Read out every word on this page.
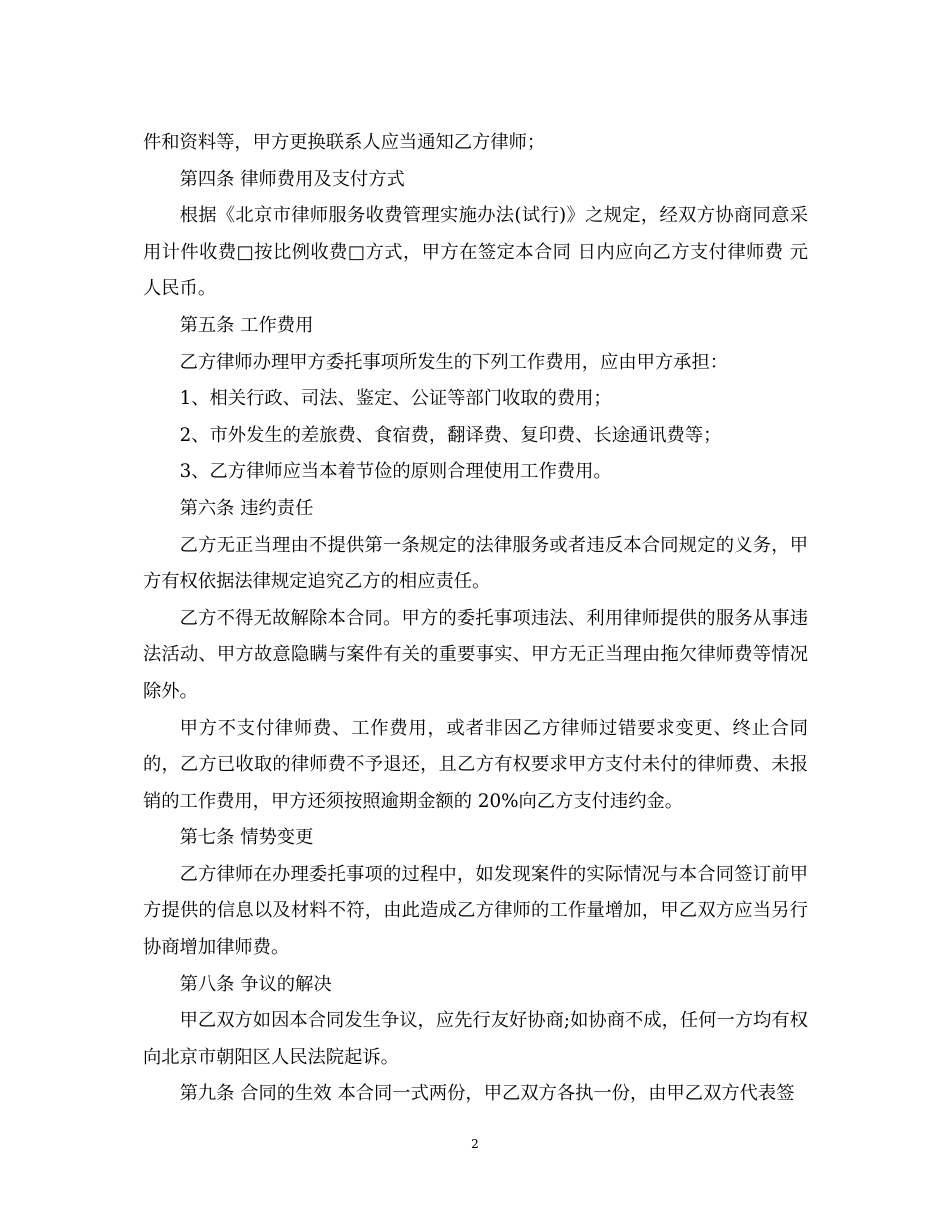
件和资料等，甲方更换联系人应当通知乙方律师；

第四条 律师费用及支付方式

根据《北京市律师服务收费管理实施办法(试行)》之规定，经双方协商同意采用计件收费□按比例收费□方式，甲方在签定本合同 日内应向乙方支付律师费 元人民币。

第五条 工作费用

乙方律师办理甲方委托事项所发生的下列工作费用，应由甲方承担：

1、相关行政、司法、鉴定、公证等部门收取的费用；

2、市外发生的差旅费、食宿费，翻译费、复印费、长途通讯费等；

3、乙方律师应当本着节俭的原则合理使用工作费用。

第六条 违约责任

乙方无正当理由不提供第一条规定的法律服务或者违反本合同规定的义务，甲方有权依据法律规定追究乙方的相应责任。

乙方不得无故解除本合同。甲方的委托事项违法、利用律师提供的服务从事违法活动、甲方故意隐瞒与案件有关的重要事实、甲方无正当理由拖欠律师费等情况除外。

甲方不支付律师费、工作费用，或者非因乙方律师过错要求变更、终止合同的，乙方已收取的律师费不予退还，且乙方有权要求甲方支付未付的律师费、未报销的工作费用，甲方还须按照逾期金额的 20%向乙方支付违约金。

第七条 情势变更

乙方律师在办理委托事项的过程中，如发现案件的实际情况与本合同签订前甲方提供的信息以及材料不符，由此造成乙方律师的工作量增加，甲乙双方应当另行协商增加律师费。

第八条 争议的解决

甲乙双方如因本合同发生争议，应先行友好协商;如协商不成，任何一方均有权向北京市朝阳区人民法院起诉。

第九条 合同的生效 本合同一式两份，甲乙双方各执一份，由甲乙双方代表签

2
